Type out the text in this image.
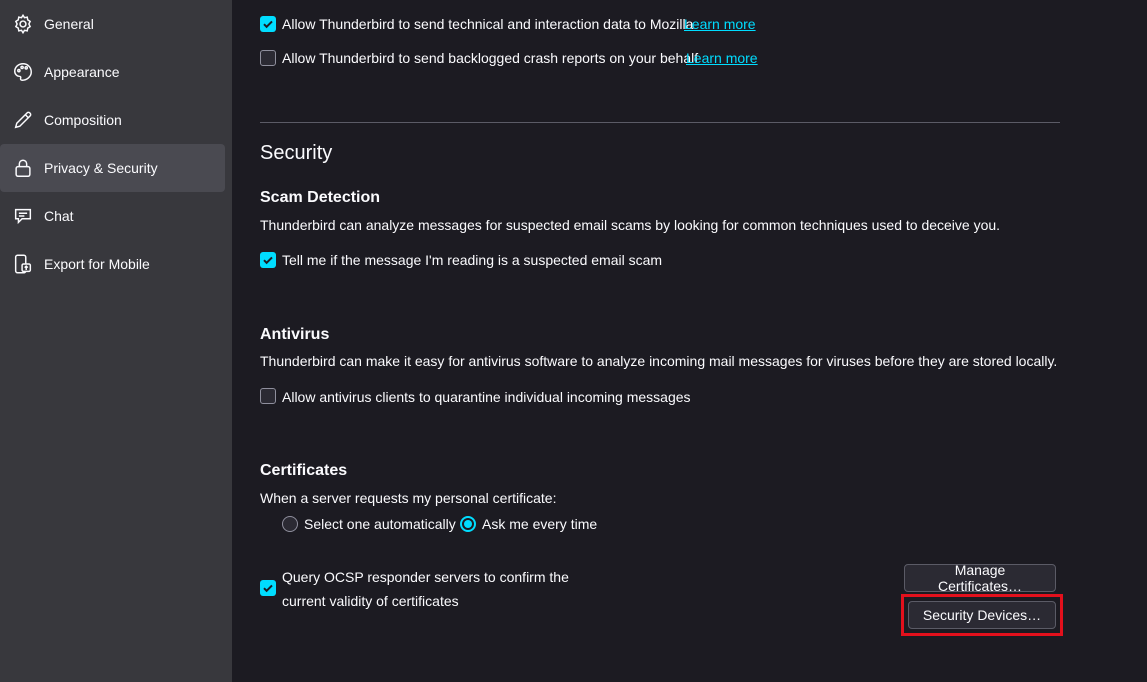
General
Appearance
Composition
Privacy & Security
Chat
Export for Mobile
Allow Thunderbird to send technical and interaction data to Mozilla
Learn more
Allow Thunderbird to send backlogged crash reports on your behalf
Learn more
Security
Scam Detection
Thunderbird can analyze messages for suspected email scams by looking for common techniques used to deceive you.
Tell me if the message I'm reading is a suspected email scam
Antivirus
Thunderbird can make it easy for antivirus software to analyze incoming mail messages for viruses before they are stored locally.
Allow antivirus clients to quarantine individual incoming messages
Certificates
When a server requests my personal certificate:
Select one automatically Ask me every time
Query OCSP responder servers to confirm the
current validity of certificates
Manage Certificates…
Security Devices…
